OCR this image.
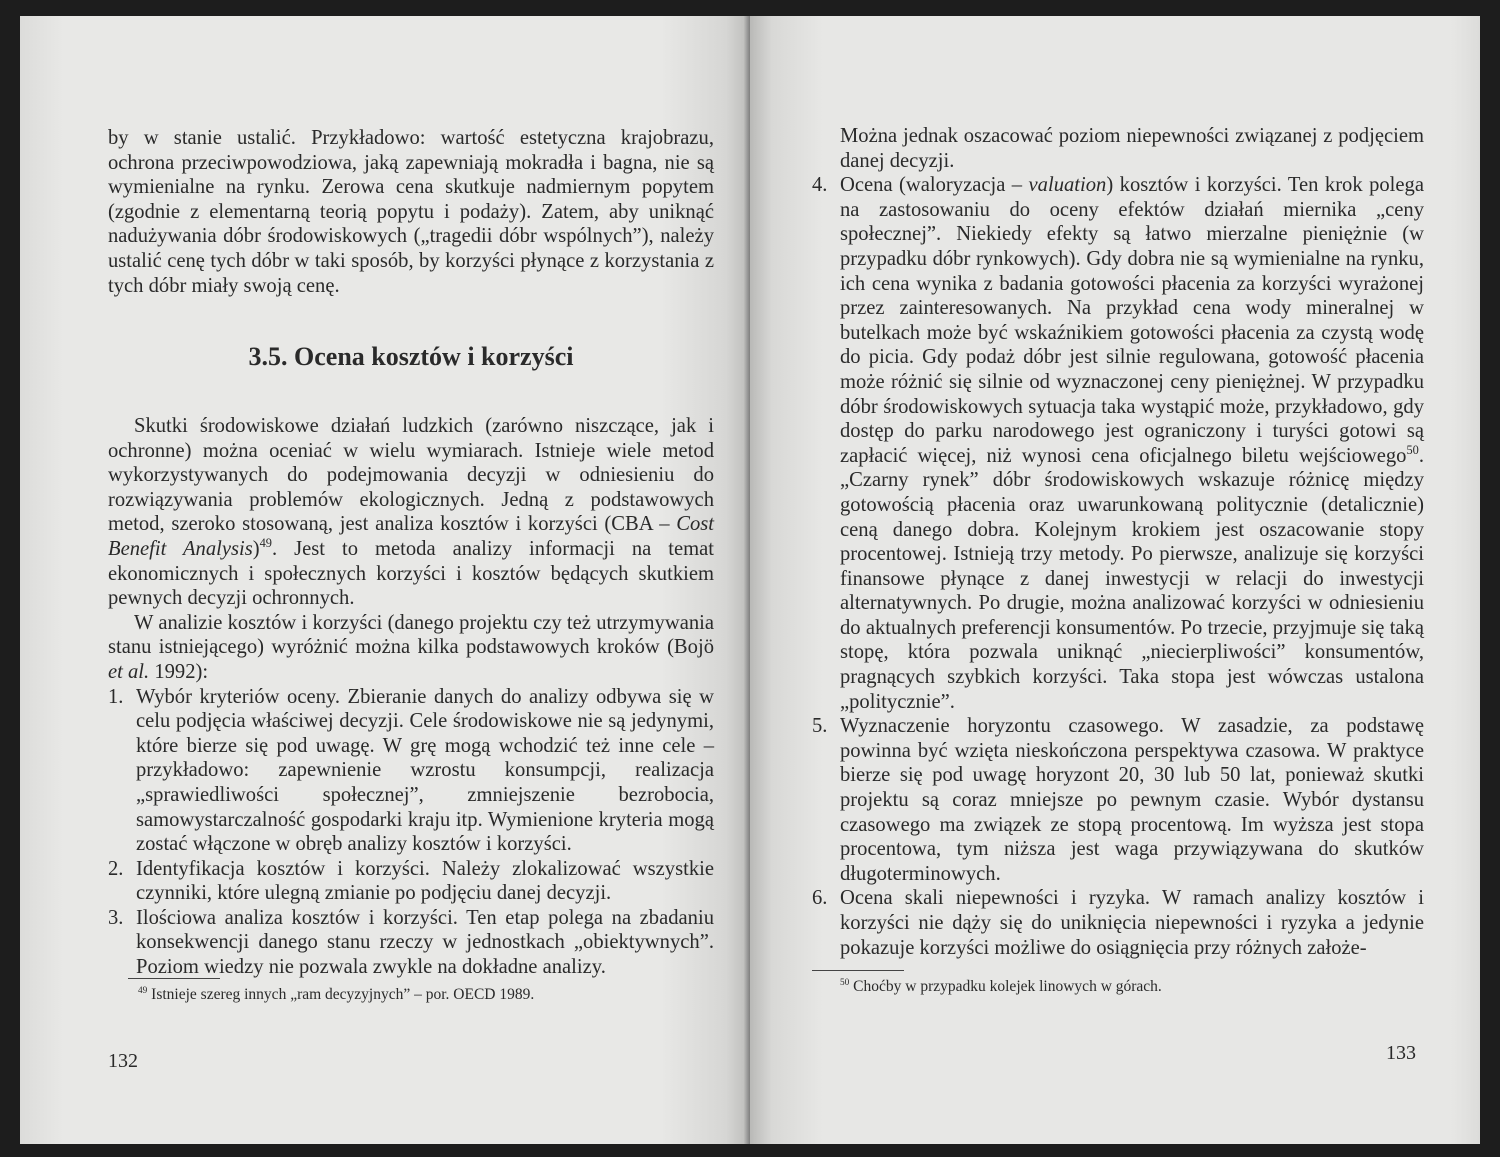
by w stanie ustalić. Przykładowo: wartość estetyczna krajobrazu, ochrona przeciwpowodziowa, jaką zapewniają mokradła i bagna, nie są wymienialne na rynku. Zerowa cena skutkuje nadmiernym popytem (zgodnie z elementarną teorią popytu i podaży). Zatem, aby uniknąć nadużywania dóbr środowiskowych („tragedii dóbr wspólnych”), należy ustalić cenę tych dóbr w taki sposób, by korzyści płynące z korzystania z tych dóbr miały swoją cenę.

3.5. Ocena kosztów i korzyści

Skutki środowiskowe działań ludzkich (zarówno niszczące, jak i ochronne) można oceniać w wielu wymiarach. Istnieje wiele metod wykorzystywanych do podejmowania decyzji w odniesieniu do rozwiązywania problemów ekologicznych. Jedną z podstawowych metod, szeroko stosowaną, jest analiza kosztów i korzyści (CBA – Cost Benefit Analysis)$^{49}$. Jest to metoda analizy informacji na temat ekonomicznych i społecznych korzyści i kosztów będących skutkiem pewnych decyzji ochronnych.

W analizie kosztów i korzyści (danego projektu czy też utrzymywania stanu istniejącego) wyróżnić można kilka podstawowych kroków (Bojö et al. 1992):

1. Wybór kryteriów oceny. Zbieranie danych do analizy odbywa się w celu podjęcia właściwej decyzji. Cele środowiskowe nie są jedynymi, które bierze się pod uwagę. W grę mogą wchodzić też inne cele – przykładowo: zapewnienie wzrostu konsumpcji, realizacja „sprawiedliwości społecznej”, zmniejszenie bezrobocia, samowystarczalność gospodarki kraju itp. Wymienione kryteria mogą zostać włączone w obręb analizy kosztów i korzyści.
2. Identyfikacja kosztów i korzyści. Należy zlokalizować wszystkie czynniki, które ulegną zmianie po podjęciu danej decyzji.
3. Ilościowa analiza kosztów i korzyści. Ten etap polega na zbadaniu konsekwencji danego stanu rzeczy w jednostkach „obiektywnych”. Poziom wiedzy nie pozwala zwykle na dokładne analizy.

$^{49}$ Istnieje szereg innych „ram decyzyjnych” – por. OECD 1989.

132

Można jednak oszacować poziom niepewności związanej z podjęciem danej decyzji.

4. Ocena (waloryzacja – valuation) kosztów i korzyści. Ten krok polega na zastosowaniu do oceny efektów działań miernika „ceny społecznej”. Niekiedy efekty są łatwo mierzalne pieniężnie (w przypadku dóbr rynkowych). Gdy dobra nie są wymienialne na rynku, ich cena wynika z badania gotowości płacenia za korzyści wyrażonej przez zainteresowanych. Na przykład cena wody mineralnej w butelkach może być wskaźnikiem gotowości płacenia za czystą wodę do picia. Gdy podaż dóbr jest silnie regulowana, gotowość płacenia może różnić się silnie od wyznaczonej ceny pieniężnej. W przypadku dóbr środowiskowych sytuacja taka wystąpić może, przykładowo, gdy dostęp do parku narodowego jest ograniczony i turyści gotowi są zapłacić więcej, niż wynosi cena oficjalnego biletu wejściowego$^{50}$. „Czarny rynek” dóbr środowiskowych wskazuje różnicę między gotowością płacenia oraz uwarunkowaną politycznie (detalicznie) ceną danego dobra. Kolejnym krokiem jest oszacowanie stopy procentowej. Istnieją trzy metody. Po pierwsze, analizuje się korzyści finansowe płynące z danej inwestycji w relacji do inwestycji alternatywnych. Po drugie, można analizować korzyści w odniesieniu do aktualnych preferencji konsumentów. Po trzecie, przyjmuje się taką stopę, która pozwala uniknąć „niecierpliwości” konsumentów, pragnących szybkich korzyści. Taka stopa jest wówczas ustalona „politycznie”.
5. Wyznaczenie horyzontu czasowego. W zasadzie, za podstawę powinna być wzięta nieskończona perspektywa czasowa. W praktyce bierze się pod uwagę horyzont 20, 30 lub 50 lat, ponieważ skutki projektu są coraz mniejsze po pewnym czasie. Wybór dystansu czasowego ma związek ze stopą procentową. Im wyższa jest stopa procentowa, tym niższa jest waga przywiązywana do skutków długoterminowych.
6. Ocena skali niepewności i ryzyka. W ramach analizy kosztów i korzyści nie dąży się do uniknięcia niepewności i ryzyka a jedynie pokazuje korzyści możliwe do osiągnięcia przy różnych założe-

$^{50}$ Choćby w przypadku kolejek linowych w górach.

133
